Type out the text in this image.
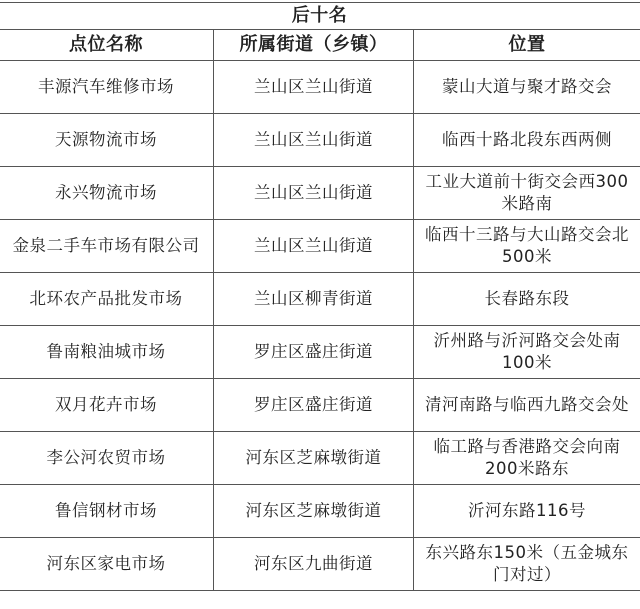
后十名		
点位名称	所属街道（乡镇）	位置
丰源汽车维修市场	兰山区兰山街道	蒙山大道与聚才路交会
天源物流市场	兰山区兰山街道	临西十路北段东西两侧
永兴物流市场	兰山区兰山街道	工业大道前十街交会西300米路南
金泉二手车市场有限公司	兰山区兰山街道	临西十三路与大山路交会北500米
北环农产品批发市场	兰山区柳青街道	长春路东段
鲁南粮油城市场	罗庄区盛庄街道	沂州路与沂河路交会处南100米
双月花卉市场	罗庄区盛庄街道	清河南路与临西九路交会处
李公河农贸市场	河东区芝麻墩街道	临工路与香港路交会向南200米路东
鲁信钢材市场	河东区芝麻墩街道	沂河东路116号
河东区家电市场	河东区九曲街道	东兴路东150米（五金城东门对过）
